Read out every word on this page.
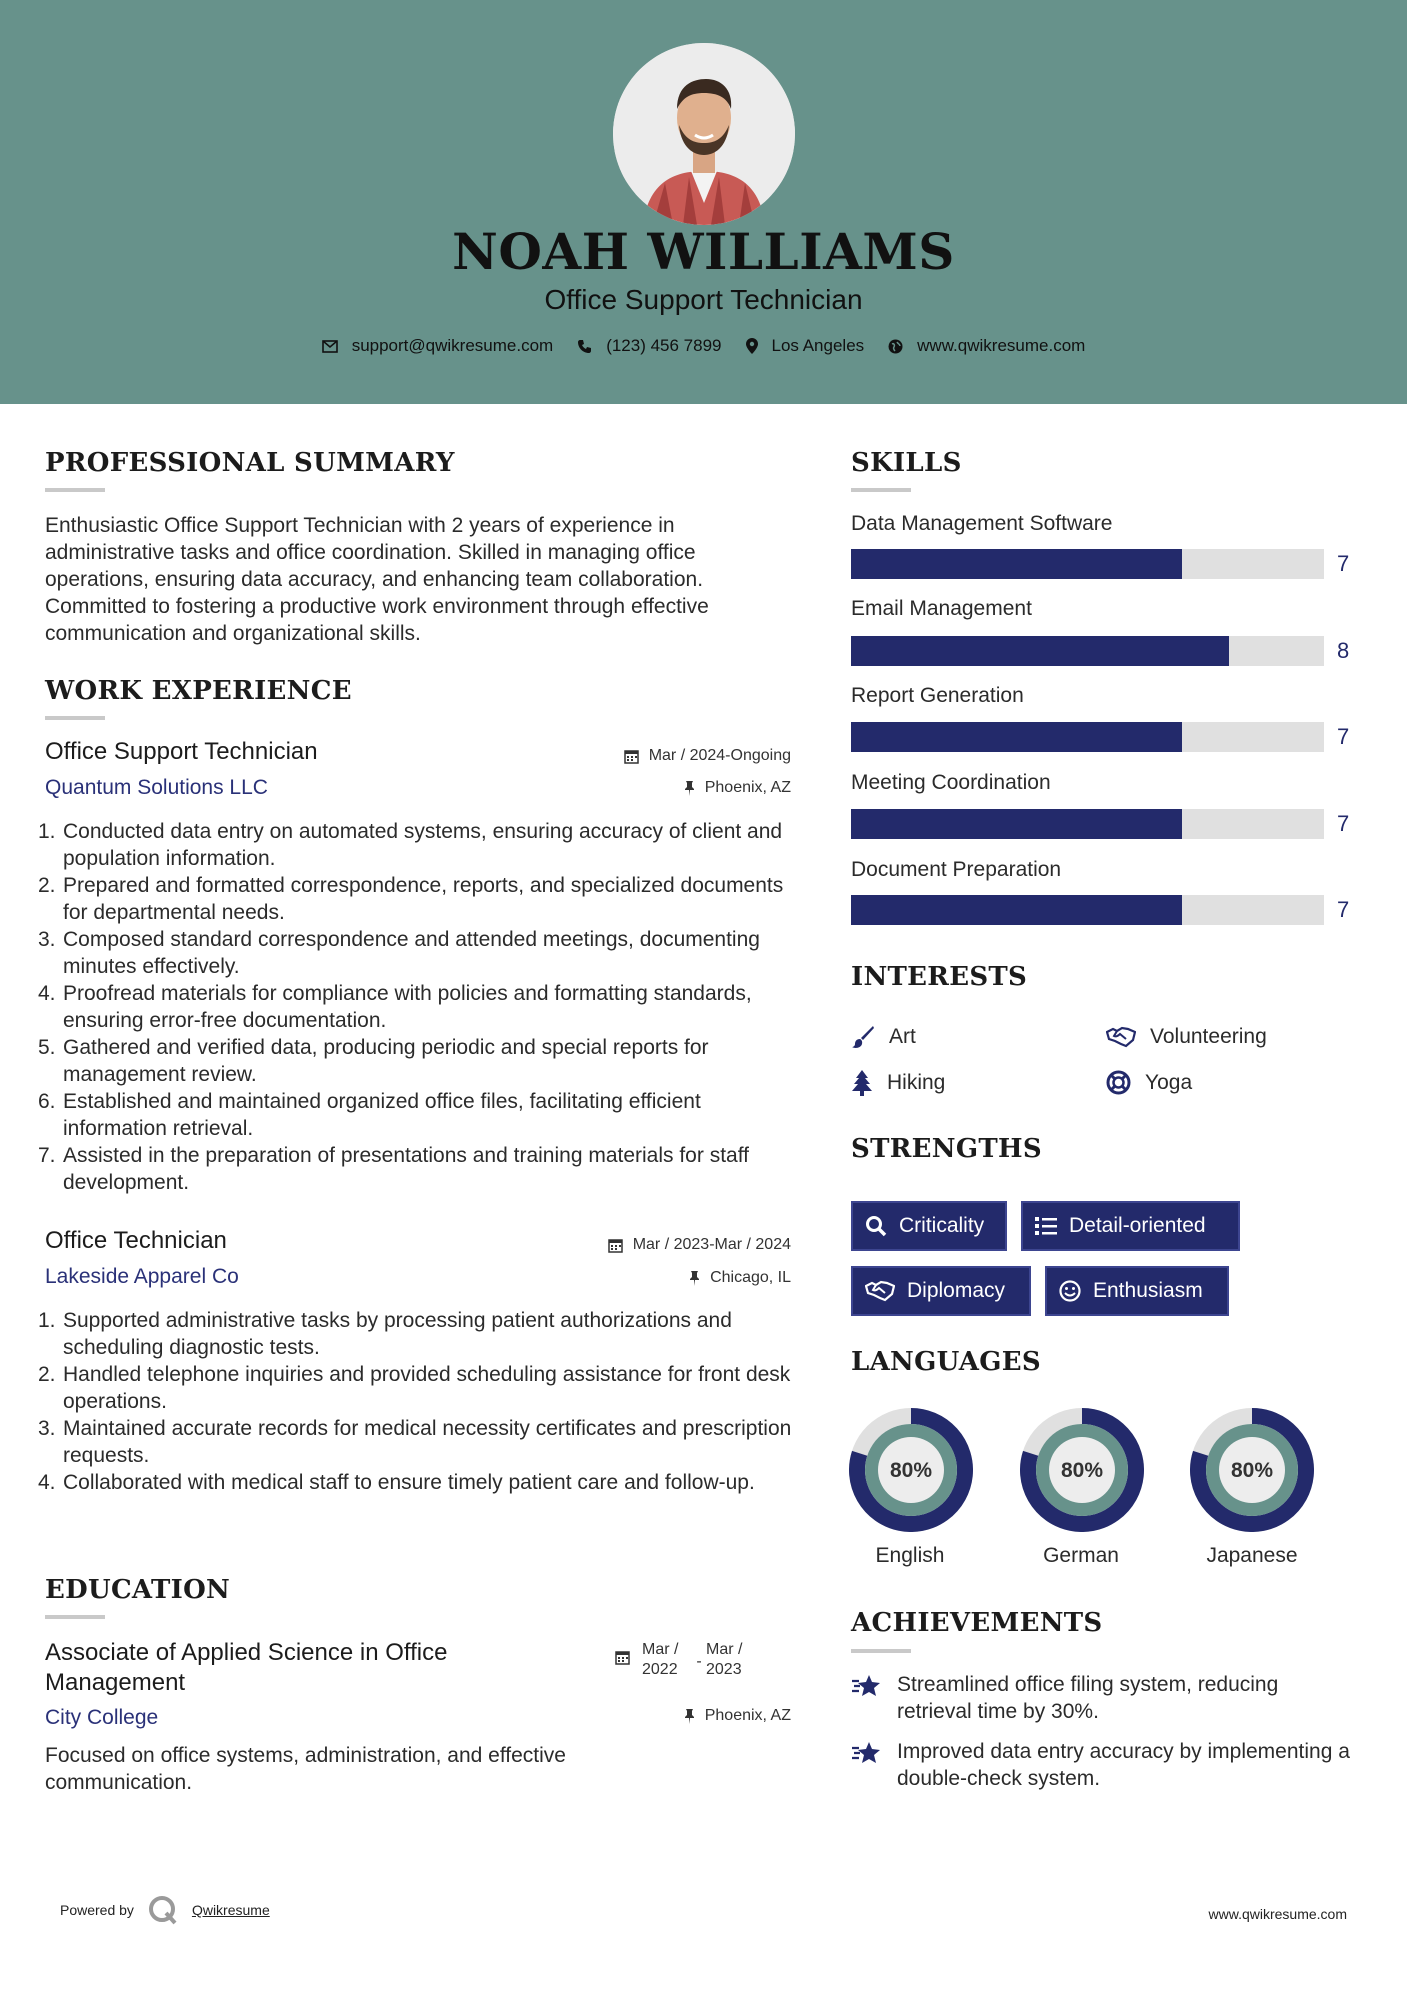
NOAH WILLIAMS
Office Support Technician
support@qwikresume.com	(123) 456 7899	Los Angeles	www.qwikresume.com
PROFESSIONAL SUMMARY
Enthusiastic Office Support Technician with 2 years of experience in administrative tasks and office coordination. Skilled in managing office operations, ensuring data accuracy, and enhancing team collaboration. Committed to fostering a productive work environment through effective communication and organizational skills.
WORK EXPERIENCE
Office Support Technician	Mar / 2024-Ongoing
Quantum Solutions LLC	Phoenix, AZ
1. Conducted data entry on automated systems, ensuring accuracy of client and population information.
2. Prepared and formatted correspondence, reports, and specialized documents for departmental needs.
3. Composed standard correspondence and attended meetings, documenting minutes effectively.
4. Proofread materials for compliance with policies and formatting standards, ensuring error-free documentation.
5. Gathered and verified data, producing periodic and special reports for management review.
6. Established and maintained organized office files, facilitating efficient information retrieval.
7. Assisted in the preparation of presentations and training materials for staff development.
Office Technician	Mar / 2023-Mar / 2024
Lakeside Apparel Co	Chicago, IL
1. Supported administrative tasks by processing patient authorizations and scheduling diagnostic tests.
2. Handled telephone inquiries and provided scheduling assistance for front desk operations.
3. Maintained accurate records for medical necessity certificates and prescription requests.
4. Collaborated with medical staff to ensure timely patient care and follow-up.
EDUCATION
Associate of Applied Science in Office Management
Mar / 2022	-
Mar / 2023
City College	Phoenix, AZ
Focused on office systems, administration, and effective communication.
SKILLS
Data Management Software
7
Email Management
8
Report Generation
7
Meeting Coordination
7
Document Preparation
7
INTERESTS
Art	Volunteering
Hiking	Yoga
STRENGTHS
Criticality	Detail-oriented
Diplomacy	Enthusiasm
LANGUAGES
80%
English
80%
German
80%
Japanese
ACHIEVEMENTS
Streamlined office filing system, reducing retrieval time by 30%.
Improved data entry accuracy by implementing a double-check system.
Powered by	Qwikresume	www.qwikresume.com
